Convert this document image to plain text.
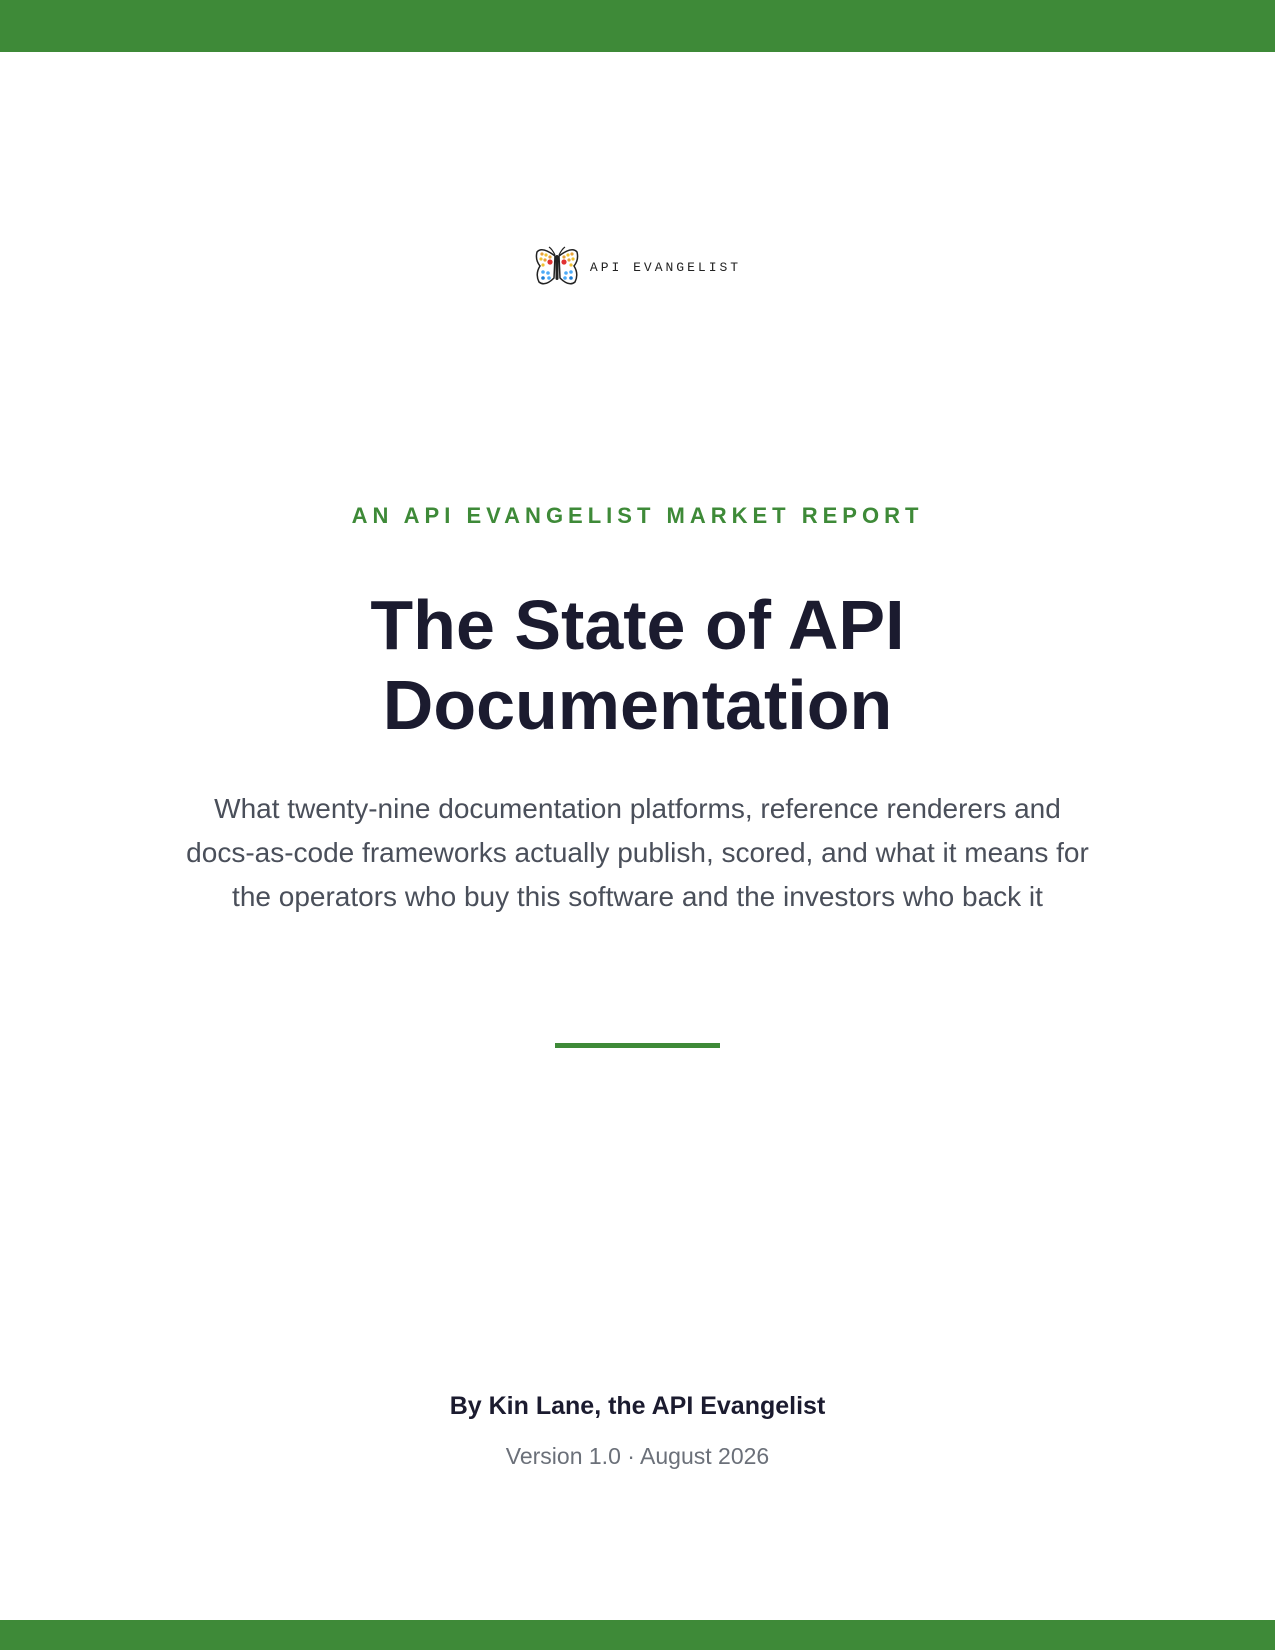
API EVANGELIST
AN API EVANGELIST MARKET REPORT
The State of API Documentation

What twenty-nine documentation platforms, reference renderers and docs-as-code frameworks actually publish, scored, and what it means for the operators who buy this software and the investors who back it

By Kin Lane, the API Evangelist
Version 1.0 · August 2026
